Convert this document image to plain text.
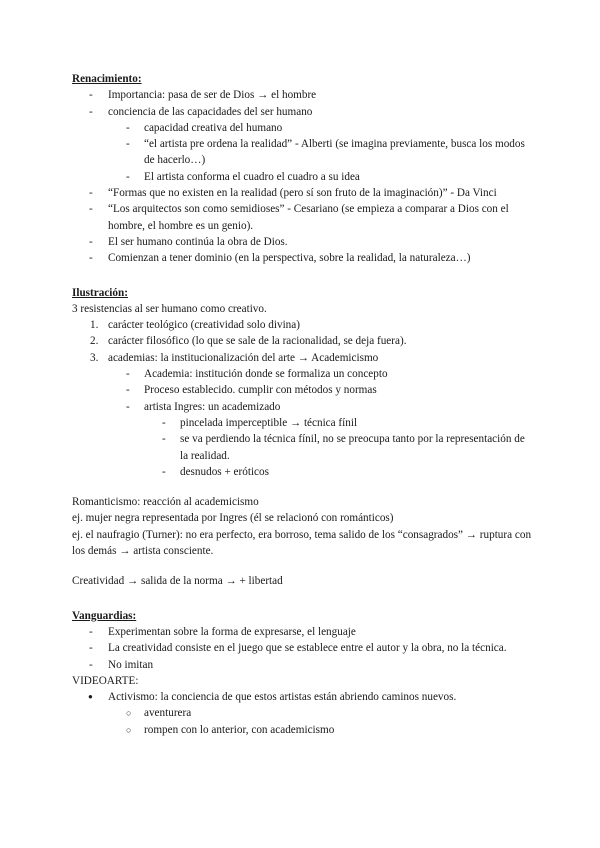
Renacimiento:
- Importancia: pasa de ser de Dios → el hombre
- conciencia de las capacidades del ser humano
- capacidad creativa del humano
- “el artista pre ordena la realidad” - Alberti (se imagina previamente, busca los modos de hacerlo…)
- El artista conforma el cuadro el cuadro a su idea
- “Formas que no existen en la realidad (pero sí son fruto de la imaginación)” - Da Vinci
- “Los arquitectos son como semidioses” - Cesariano (se empieza a comparar a Dios con el hombre, el hombre es un genio).
- El ser humano continúa la obra de Dios.
- Comienzan a tener dominio (en la perspectiva, sobre la realidad, la naturaleza…)
Ilustración:
3 resistencias al ser humano como creativo.
1. carácter teológico (creatividad solo divina)
2. carácter filosófico (lo que se sale de la racionalidad, se deja fuera).
3. academias: la institucionalización del arte → Academicismo
- Academia: institución donde se formaliza un concepto
- Proceso establecido. cumplir con métodos y normas
- artista Ingres: un academizado
- pincelada imperceptible → técnica fínil
- se va perdiendo la técnica fínil, no se preocupa tanto por la representación de la realidad.
- desnudos + eróticos
Romanticismo: reacción al academicismo
ej. mujer negra representada por Ingres (él se relacionó con románticos)
ej. el naufragio (Turner): no era perfecto, era borroso, tema salido de los “consagrados” → ruptura con los demás → artista consciente.
Creatividad → salida de la norma → + libertad
Vanguardias:
- Experimentan sobre la forma de expresarse, el lenguaje
- La creatividad consiste en el juego que se establece entre el autor y la obra, no la técnica.
- No imitan
VIDEOARTE:
● Activismo: la conciencia de que estos artistas están abriendo caminos nuevos.
○ aventurera
○ rompen con lo anterior, con academicismo
